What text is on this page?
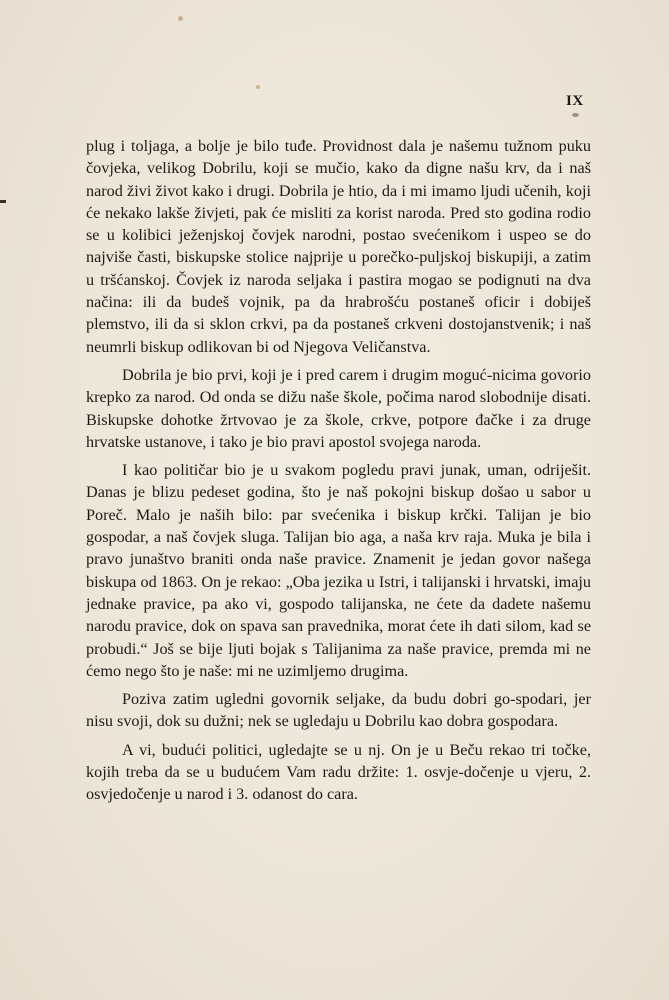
IX

plug i toljaga, a bolje je bilo tuđe. Providnost dala je našemu tužnom puku čovjeka, velikog Dobrilu, koji se mučio, kako da digne našu krv, da i naš narod živi život kako i drugi. Dobrila je htio, da i mi imamo ljudi učenih, koji će nekako lakše živjeti, pak će misliti za korist naroda. Pred sto godina rodio se u kolibici ježenjskoj čovjek narodni, postao svećenikom i uspeo se do najviše časti, biskupske stolice najprije u porečko-puljskoj biskupiji, a zatim u tršćanskoj. Čovjek iz naroda seljaka i pastira mogao se podignuti na dva načina: ili da budeš vojnik, pa da hrabrošću postaneš oficir i dobiješ plemstvo, ili da si sklon crkvi, pa da postaneš crkveni dostojanstvenik; i naš neumrli biskup odlikovan bi od Njegova Veličanstva.

Dobrila je bio prvi, koji je i pred carem i drugim moguć-nicima govorio krepko za narod. Od onda se dižu naše škole, počima narod slobodnije disati. Biskupske dohotke žrtvovao je za škole, crkve, potpore đačke i za druge hrvatske ustanove, i tako je bio pravi apostol svojega naroda.

I kao političar bio je u svakom pogledu pravi junak, uman, odriješit. Danas je blizu pedeset godina, što je naš pokojni biskup došao u sabor u Poreč. Malo je naših bilo: par svećenika i biskup krčki. Talijan je bio gospodar, a naš čovjek sluga. Talijan bio aga, a naša krv raja. Muka je bila i pravo junaštvo braniti onda naše pravice. Znamenit je jedan govor našega biskupa od 1863. On je rekao: „Oba jezika u Istri, i talijanski i hrvatski, imaju jednake pravice, pa ako vi, gospodo talijanska, ne ćete da dadete našemu narodu pravice, dok on spava san pravednika, morat ćete ih dati silom, kad se probudi.“ Još se bije ljuti bojak s Talijanima za naše pravice, premda mi ne ćemo nego što je naše: mi ne uzimljemo drugima.

Poziva zatim ugledni govornik seljake, da budu dobri go-spodari, jer nisu svoji, dok su dužni; nek se ugledaju u Dobrilu kao dobra gospodara.

A vi, budući politici, ugledajte se u nj. On je u Beču rekao tri točke, kojih treba da se u budućem Vam radu držite: 1. osvje-dočenje u vjeru, 2. osvjedočenje u narod i 3. odanost do cara.
